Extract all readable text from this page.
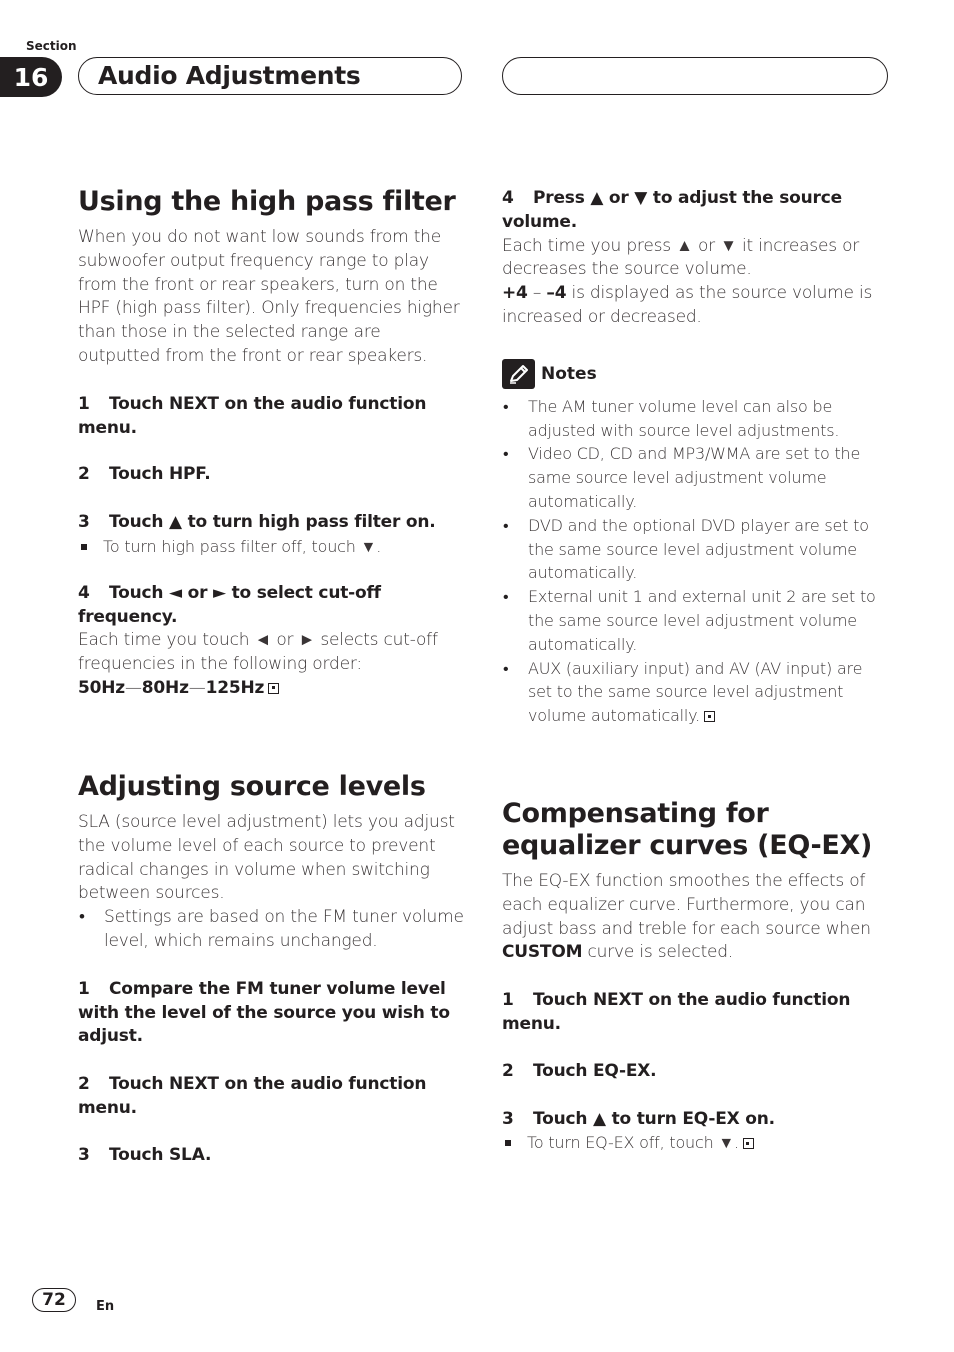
Section
16	Audio Adjustments
Using the high pass filter

When you do not want low sounds from the subwoofer output frequency range to play from the front or rear speakers, turn on the HPF (high pass filter). Only frequencies higher than those in the selected range are outputted from the front or rear speakers.

1 Touch NEXT on the audio function menu.

2 Touch HPF.

3 Touch ▲ to turn high pass filter on.

To turn high pass filter off, touch ▼.

4 Touch ◄ or ► to select cut-off frequency.

Each time you touch ◄ or ► selects cut-off frequencies in the following order:

50Hz—80Hz—125Hz

Adjusting source levels

SLA (source level adjustment) lets you adjust the volume level of each source to prevent radical changes in volume when switching between sources.

• Settings are based on the FM tuner volume level, which remains unchanged.

1 Compare the FM tuner volume level with the level of the source you wish to adjust.

2 Touch NEXT on the audio function menu.

3 Touch SLA.

4 Press ▲ or ▼ to adjust the source volume.

Each time you press ▲ or ▼ it increases or decreases the source volume.

+4 – –4 is displayed as the source volume is increased or decreased.

Notes
• The AM tuner volume level can also be adjusted with source level adjustments.
• Video CD, CD and MP3/WMA are set to the same source level adjustment volume automatically.
• DVD and the optional DVD player are set to the same source level adjustment volume automatically.
• External unit 1 and external unit 2 are set to the same source level adjustment volume automatically.
• AUX (auxiliary input) and AV (AV input) are set to the same source level adjustment volume automatically.
Compensating for equalizer curves (EQ-EX)

The EQ-EX function smoothes the effects of each equalizer curve. Furthermore, you can adjust bass and treble for each source when CUSTOM curve is selected.

1 Touch NEXT on the audio function menu.

2 Touch EQ-EX.

3 Touch ▲ to turn EQ-EX on.

To turn EQ-EX off, touch ▼.

72	En
